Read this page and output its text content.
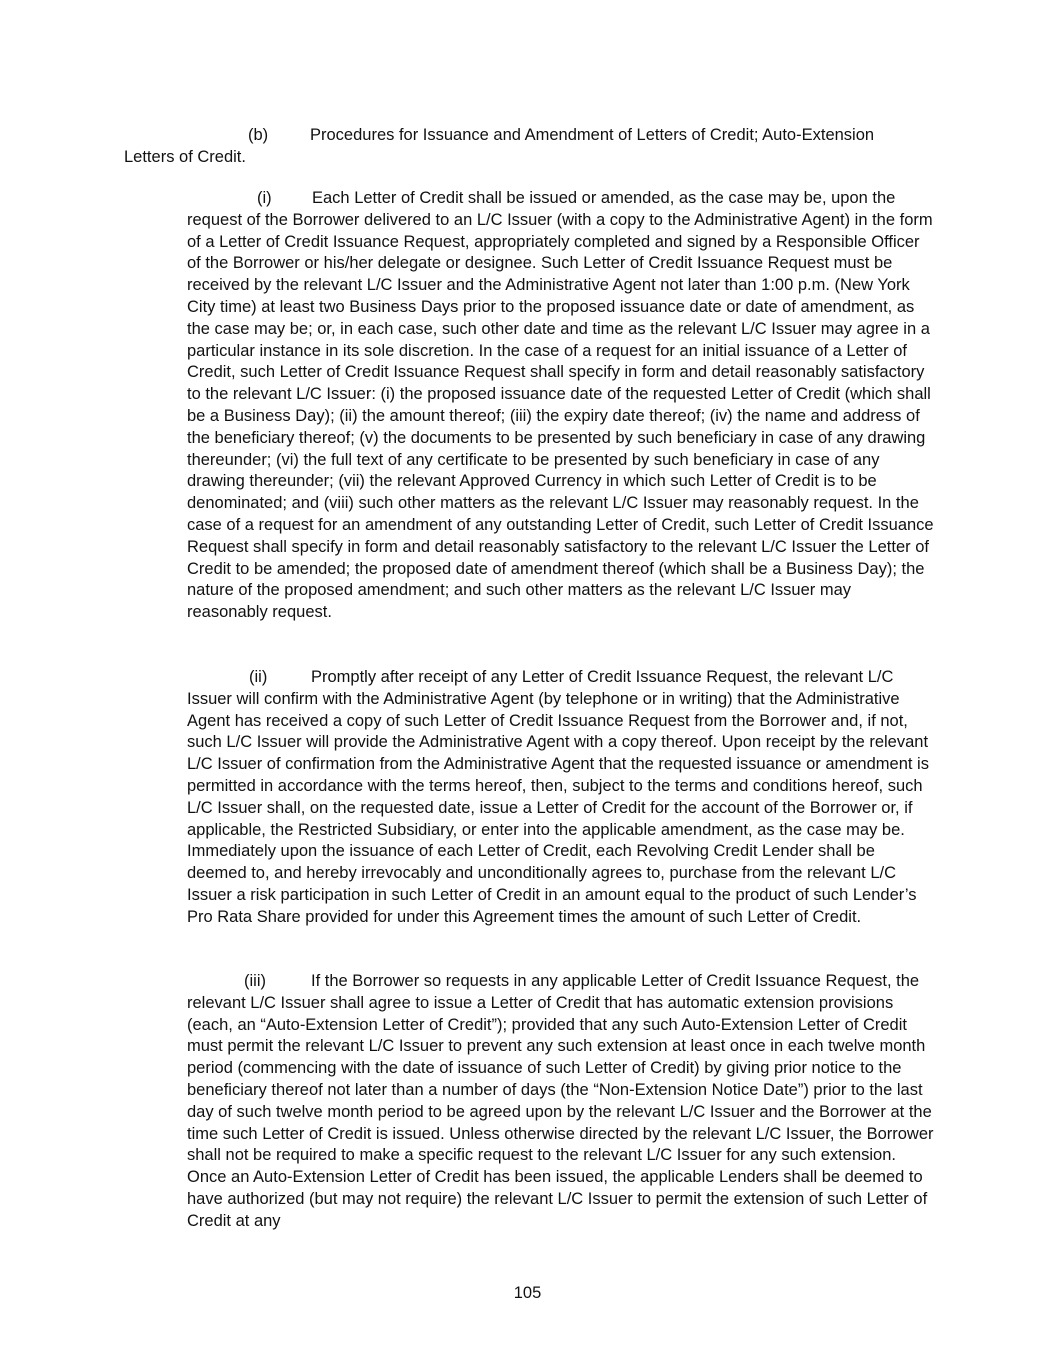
(b)	Procedures for Issuance and Amendment of Letters of Credit; Auto-Extension Letters of Credit.
(i) Each Letter of Credit shall be issued or amended, as the case may be, upon the request of the Borrower delivered to an L/C Issuer (with a copy to the Administrative Agent) in the form of a Letter of Credit Issuance Request, appropriately completed and signed by a Responsible Officer of the Borrower or his/her delegate or designee. Such Letter of Credit Issuance Request must be received by the relevant L/C Issuer and the Administrative Agent not later than 1:00 p.m. (New York City time) at least two Business Days prior to the proposed issuance date or date of amendment, as the case may be; or, in each case, such other date and time as the relevant L/C Issuer may agree in a particular instance in its sole discretion. In the case of a request for an initial issuance of a Letter of Credit, such Letter of Credit Issuance Request shall specify in form and detail reasonably satisfactory to the relevant L/C Issuer: (i) the proposed issuance date of the requested Letter of Credit (which shall be a Business Day); (ii) the amount thereof; (iii) the expiry date thereof; (iv) the name and address of the beneficiary thereof; (v) the documents to be presented by such beneficiary in case of any drawing thereunder; (vi) the full text of any certificate to be presented by such beneficiary in case of any drawing thereunder; (vii) the relevant Approved Currency in which such Letter of Credit is to be denominated; and (viii) such other matters as the relevant L/C Issuer may reasonably request. In the case of a request for an amendment of any outstanding Letter of Credit, such Letter of Credit Issuance Request shall specify in form and detail reasonably satisfactory to the relevant L/C Issuer the Letter of Credit to be amended; the proposed date of amendment thereof (which shall be a Business Day); the nature of the proposed amendment; and such other matters as the relevant L/C Issuer may reasonably request.
(ii)	Promptly after receipt of any Letter of Credit Issuance Request, the relevant L/C Issuer will confirm with the Administrative Agent (by telephone or in writing) that the Administrative Agent has received a copy of such Letter of Credit Issuance Request from the Borrower and, if not, such L/C Issuer will provide the Administrative Agent with a copy thereof. Upon receipt by the relevant L/C Issuer of confirmation from the Administrative Agent that the requested issuance or amendment is permitted in accordance with the terms hereof, then, subject to the terms and conditions hereof, such L/C Issuer shall, on the requested date, issue a Letter of Credit for the account of the Borrower or, if applicable, the Restricted Subsidiary, or enter into the applicable amendment, as the case may be. Immediately upon the issuance of each Letter of Credit, each Revolving Credit Lender shall be deemed to, and hereby irrevocably and unconditionally agrees to, purchase from the relevant L/C Issuer a risk participation in such Letter of Credit in an amount equal to the product of such Lender’s Pro Rata Share provided for under this Agreement times the amount of such Letter of Credit.
(iii)	If the Borrower so requests in any applicable Letter of Credit Issuance Request, the relevant L/C Issuer shall agree to issue a Letter of Credit that has automatic extension provisions (each, an “Auto-Extension Letter of Credit”); provided that any such Auto-Extension Letter of Credit must permit the relevant L/C Issuer to prevent any such extension at least once in each twelve month period (commencing with the date of issuance of such Letter of Credit) by giving prior notice to the beneficiary thereof not later than a number of days (the “Non-Extension Notice Date”) prior to the last day of such twelve month period to be agreed upon by the relevant L/C Issuer and the Borrower at the time such Letter of Credit is issued. Unless otherwise directed by the relevant L/C Issuer, the Borrower shall not be required to make a specific request to the relevant L/C Issuer for any such extension. Once an Auto-Extension Letter of Credit has been issued, the applicable Lenders shall be deemed to have authorized (but may not require) the relevant L/C Issuer to permit the extension of such Letter of Credit at any
105
